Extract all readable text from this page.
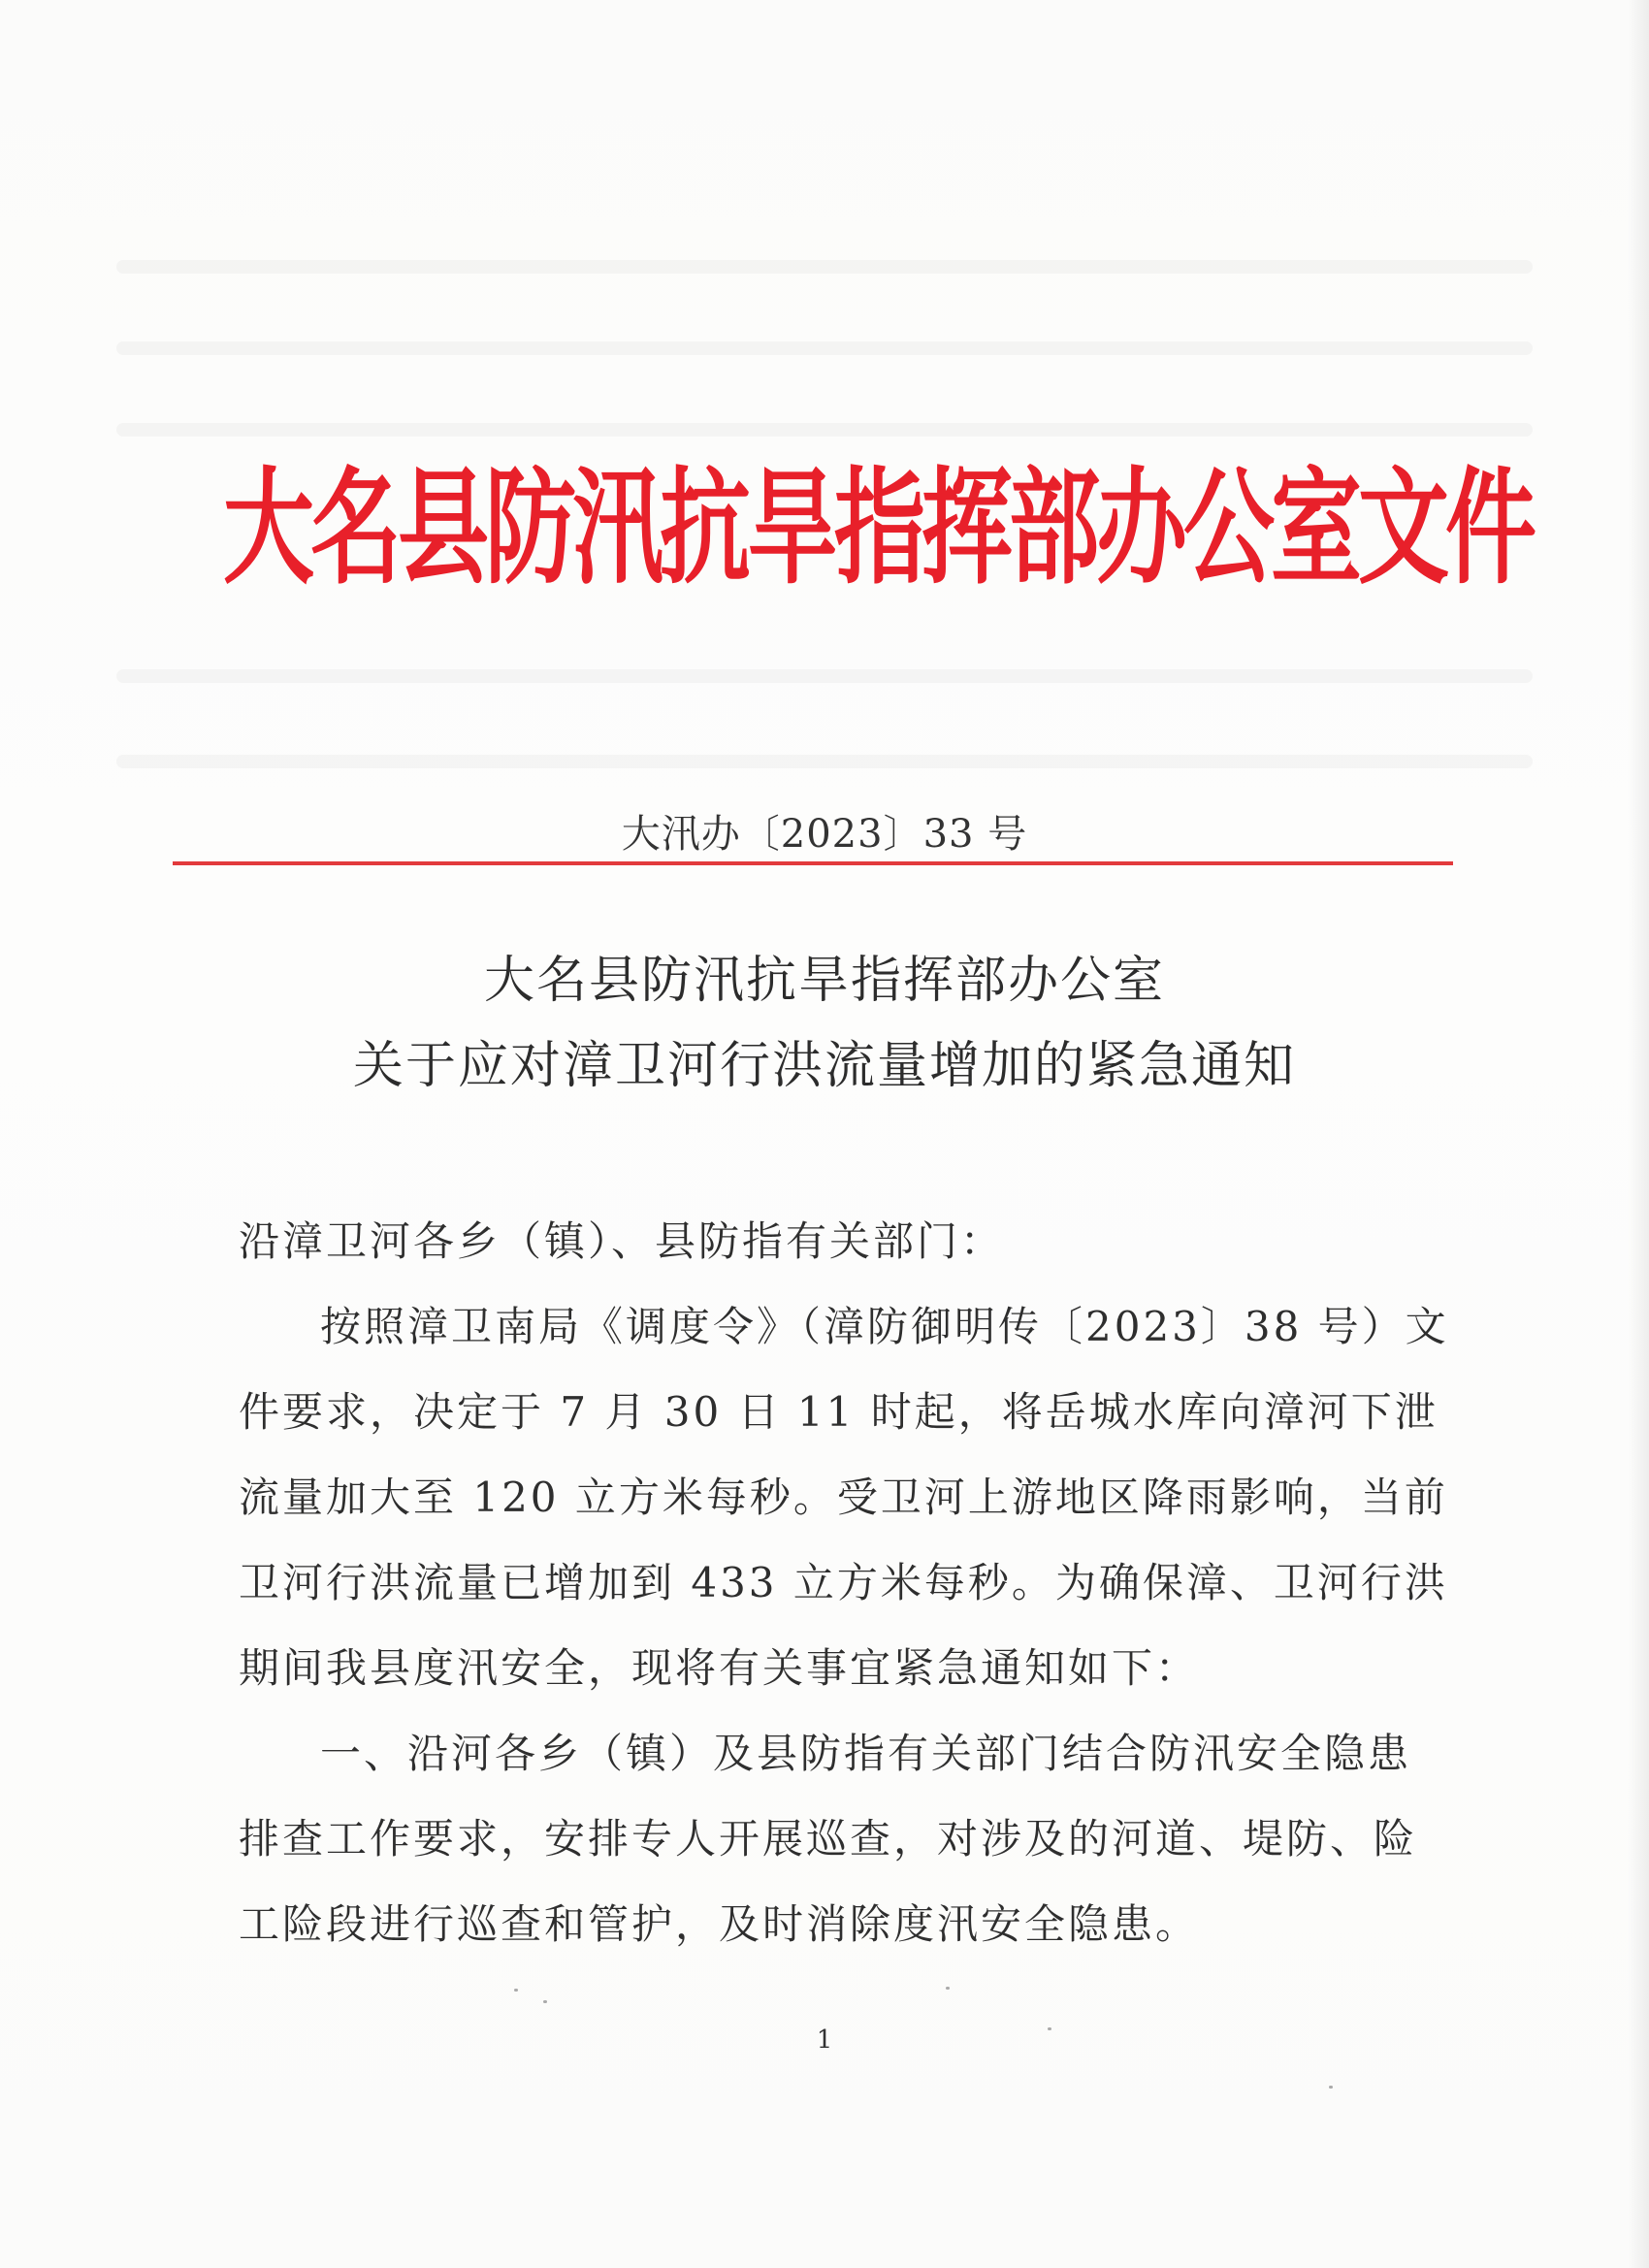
大名县防汛抗旱指挥部办公室文件
大汛办〔2023〕33 号
大名县防汛抗旱指挥部办公室
关于应对漳卫河行洪流量增加的紧急通知

沿漳卫河各乡（镇）、县防指有关部门：

按照漳卫南局《调度令》（漳防御明传〔2023〕38 号）文件要求，决定于 7 月 30 日 11 时起，将岳城水库向漳河下泄流量加大至 120 立方米每秒。受卫河上游地区降雨影响，当前卫河行洪流量已增加到 433 立方米每秒。为确保漳、卫河行洪期间我县度汛安全，现将有关事宜紧急通知如下：

一、沿河各乡（镇）及县防指有关部门结合防汛安全隐患排查工作要求，安排专人开展巡查，对涉及的河道、堤防、险工险段进行巡查和管护，及时消除度汛安全隐患。

1
